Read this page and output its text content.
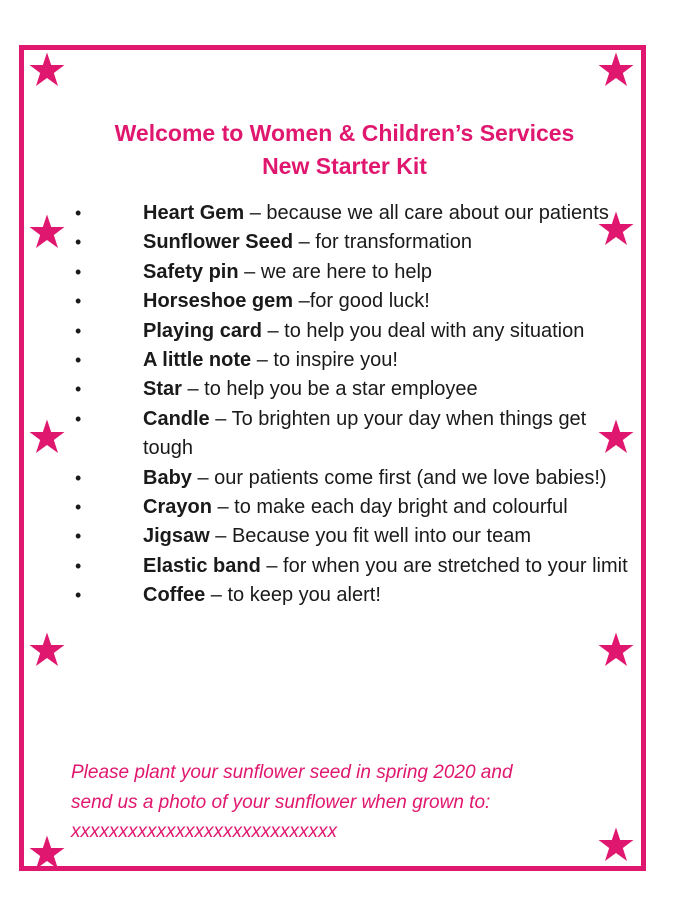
Welcome to Women & Children’s Services
New Starter Kit
•	Heart Gem – because we all care about our patients
•	Sunflower Seed – for transformation
•	Safety pin – we are here to help
•	Horseshoe gem –for good luck!
•	Playing card – to help you deal with any situation
•	A little note – to inspire you!
•	Star – to help you be a star employee
•	Candle – To brighten up your day when things get tough
•	Baby – our patients come first (and we love babies!)
•	Crayon – to make each day bright and colourful
•	Jigsaw – Because you fit well into our team
•	Elastic band – for when you are stretched to your limit
•	Coffee – to keep you alert!
Please plant your sunflower seed in spring 2020 and
send us a photo of your sunflower when grown to:
xxxxxxxxxxxxxxxxxxxxxxxxxxxx
